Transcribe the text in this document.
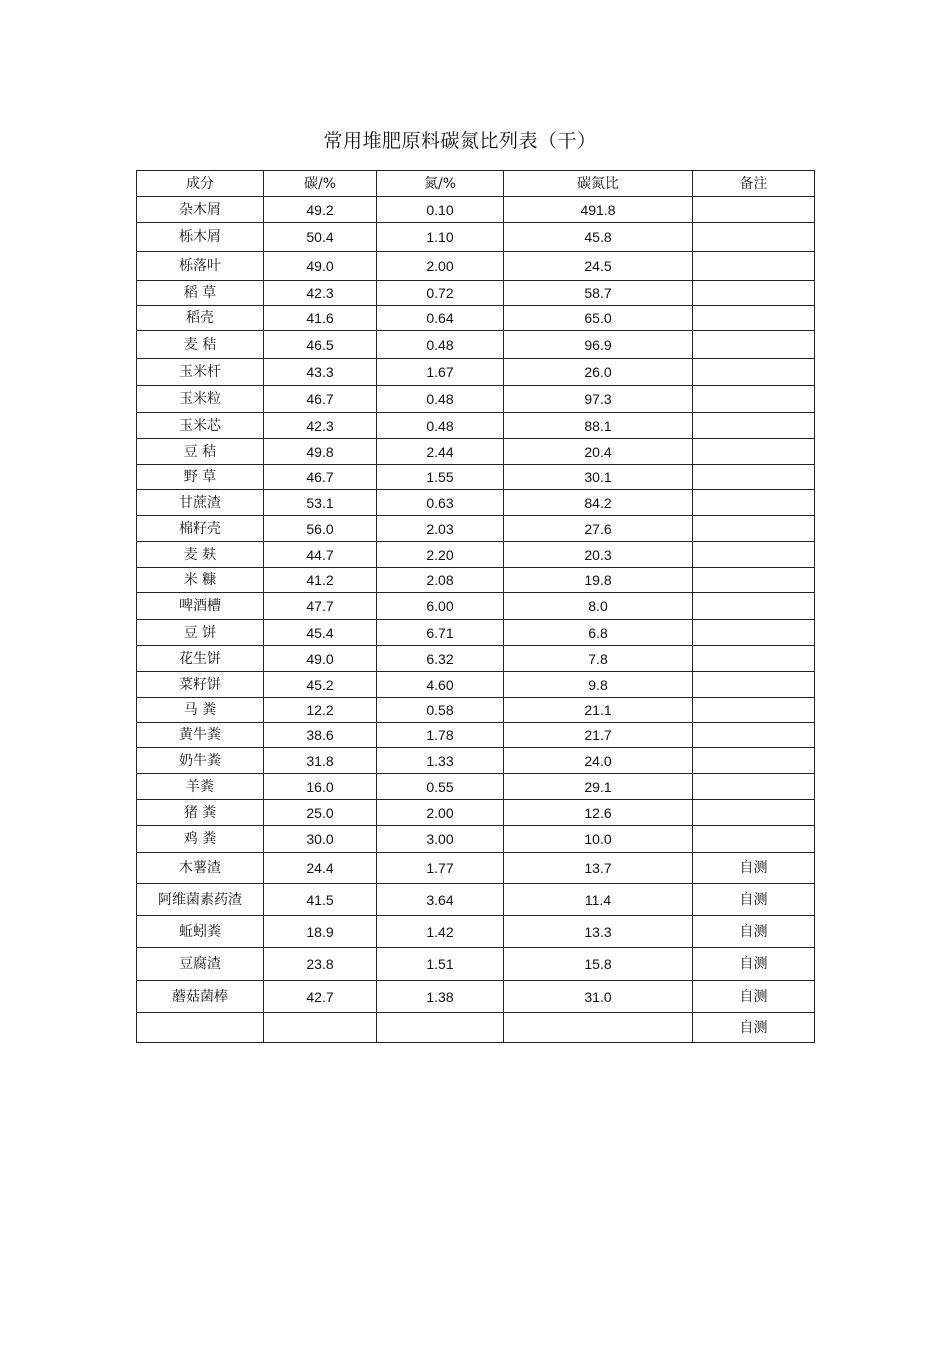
常用堆肥原料碳氮比列表（干）
成分	碳/%	氮/%	碳氮比	备注
杂木屑	49.2	0.10	491.8	
栎木屑	50.4	1.10	45.8	
栎落叶	49.0	2.00	24.5	
稻 草	42.3	0.72	58.7	
稻壳	41.6	0.64	65.0	
麦 秸	46.5	0.48	96.9	
玉米杆	43.3	1.67	26.0	
玉米粒	46.7	0.48	97.3	
玉米芯	42.3	0.48	88.1	
豆 秸	49.8	2.44	20.4	
野 草	46.7	1.55	30.1	
甘蔗渣	53.1	0.63	84.2	
棉籽壳	56.0	2.03	27.6	
麦 麸	44.7	2.20	20.3	
米 糠	41.2	2.08	19.8	
啤酒槽	47.7	6.00	8.0	
豆 饼	45.4	6.71	6.8	
花生饼	49.0	6.32	7.8	
菜籽饼	45.2	4.60	9.8	
马 粪	12.2	0.58	21.1	
黄牛粪	38.6	1.78	21.7	
奶牛粪	31.8	1.33	24.0	
羊粪	16.0	0.55	29.1	
猪 粪	25.0	2.00	12.6	
鸡 粪	30.0	3.00	10.0	
木薯渣	24.4	1.77	13.7	自测
阿维菌素药渣	41.5	3.64	11.4	自测
蚯蚓粪	18.9	1.42	13.3	自测
豆腐渣	23.8	1.51	15.8	自测
蘑菇菌棒	42.7	1.38	31.0	自测
				自测
